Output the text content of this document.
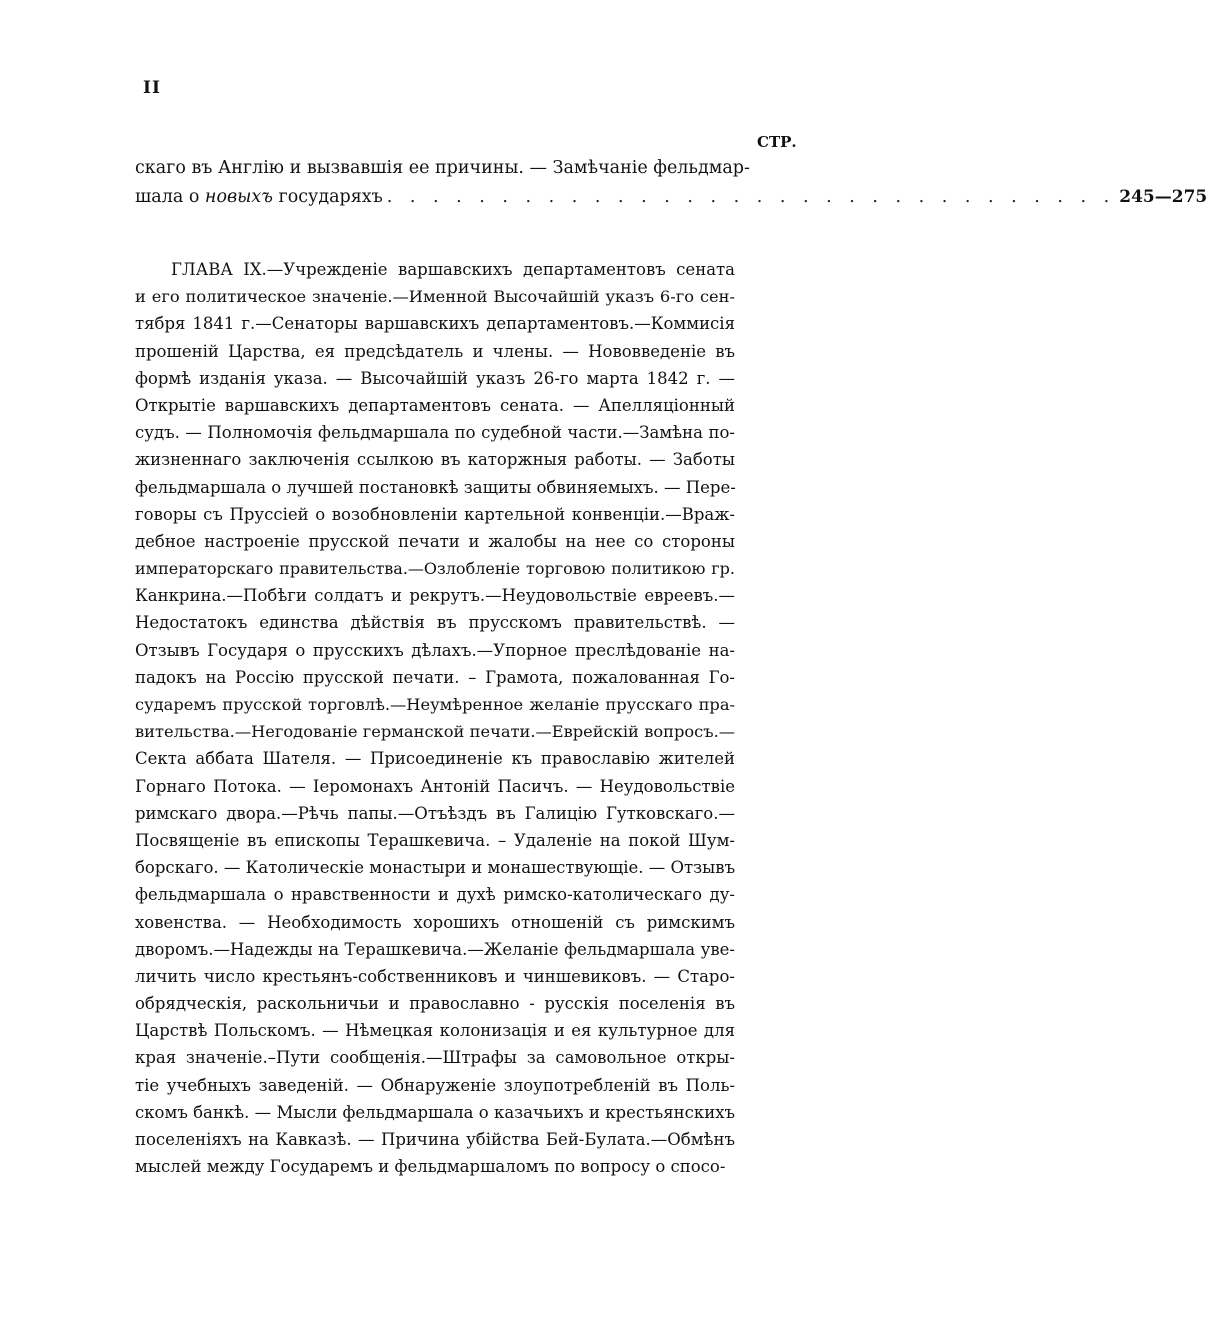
II
СТР.
скаго въ Англію и вызвавшія ее причины. — Замѣчаніе фельдмар-
шала о новыхъ государяхъ . . . . . . . . . . . . . . . . . . . . . . . . . . . . . . . . 245—275
ГЛАВА IX.—Учрежденіе варшавскихъ департаментовъ сената
и его политическое значеніе.—Именной Высочайшій указъ 6-го сен-
тября 1841 г.—Сенаторы варшавскихъ департаментовъ.—Коммисія
прошеній Царства, ея предсѣдатель и члены. — Нововведеніе въ
формѣ изданія указа. — Высочайшій указъ 26-го марта 1842 г. —
Открытіе варшавскихъ департаментовъ сената. — Апелляціонный
судъ. — Полномочія фельдмаршала по судебной части.—Замѣна по-
жизненнаго заключенія ссылкою въ каторжныя работы. — Заботы
фельдмаршала о лучшей постановкѣ защиты обвиняемыхъ. — Пере-
говоры съ Пруссіей о возобновленіи картельной конвенціи.—Враж-
дебное настроеніе прусской печати и жалобы на нее со стороны
императорскаго правительства.—Озлобленіе торговою политикою гр.
Канкрина.—Побѣги солдатъ и рекрутъ.—Неудовольствіе евреевъ.—
Недостатокъ единства дѣйствія въ прусскомъ правительствѣ. —
Отзывъ Государя о прусскихъ дѣлахъ.—Упорное преслѣдованіе на-
падокъ на Россію прусской печати. – Грамота, пожалованная Го-
сударемъ прусской торговлѣ.—Неумѣренное желаніе прусскаго пра-
вительства.—Негодованіе германской печати.—Еврейскій вопросъ.—
Секта аббата Шателя. — Присоединеніе къ православію жителей
Горнаго Потока. — Іеромонахъ Антоній Пасичъ. — Неудовольствіе
римскаго двора.—Рѣчь папы.—Отъѣздъ въ Галицію Гутковскаго.—
Посвященіе въ епископы Терашкевича. – Удаленіе на покой Шум-
борскаго. — Католическіе монастыри и монашествующіе. — Отзывъ
фельдмаршала о нравственности и духѣ римско-католическаго ду-
ховенства. — Необходимость хорошихъ отношеній съ римскимъ
дворомъ.—Надежды на Терашкевича.—Желаніе фельдмаршала уве-
личить число крестьянъ-собственниковъ и чиншевиковъ. — Старо-
обрядческія, раскольничьи и православно - русскія поселенія въ
Царствѣ Польскомъ. — Нѣмецкая колонизація и ея культурное для
края значеніе.–Пути сообщенія.—Штрафы за самовольное откры-
тіе учебныхъ заведеній. — Обнаруженіе злоупотребленій въ Поль-
скомъ банкѣ. — Мысли фельдмаршала о казачьихъ и крестьянскихъ
поселеніяхъ на Кавказѣ. — Причина убійства Бей-Булата.—Обмѣнъ
мыслей между Государемъ и фельдмаршаломъ по вопросу о спосо-
